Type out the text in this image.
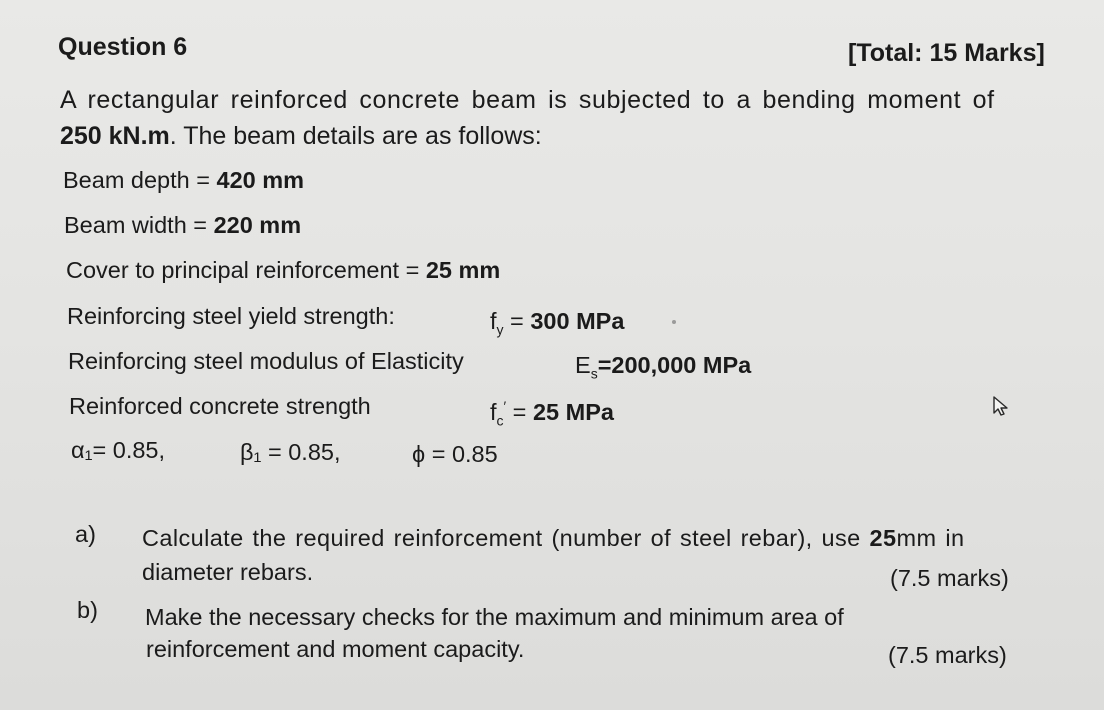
Question 6	[Total: 15 Marks]
A rectangular reinforced concrete beam is subjected to a bending moment of
250 kN.m. The beam details are as follows:
Beam depth = 420 mm
Beam width = 220 mm
Cover to principal reinforcement = 25 mm
Reinforcing steel yield strength:	$f_y = 300$ MPa
Reinforcing steel modulus of Elasticity	$E_s=200,000$ MPa
Reinforced concrete strength	$f_c' = 25$ MPa
α₁= 0.85,	β₁ = 0.85,	ϕ = 0.85
a) Calculate the required reinforcement (number of steel rebar), use 25mm in
diameter rebars.	(7.5 marks)
b) Make the necessary checks for the maximum and minimum area of
reinforcement and moment capacity.	(7.5 marks)
